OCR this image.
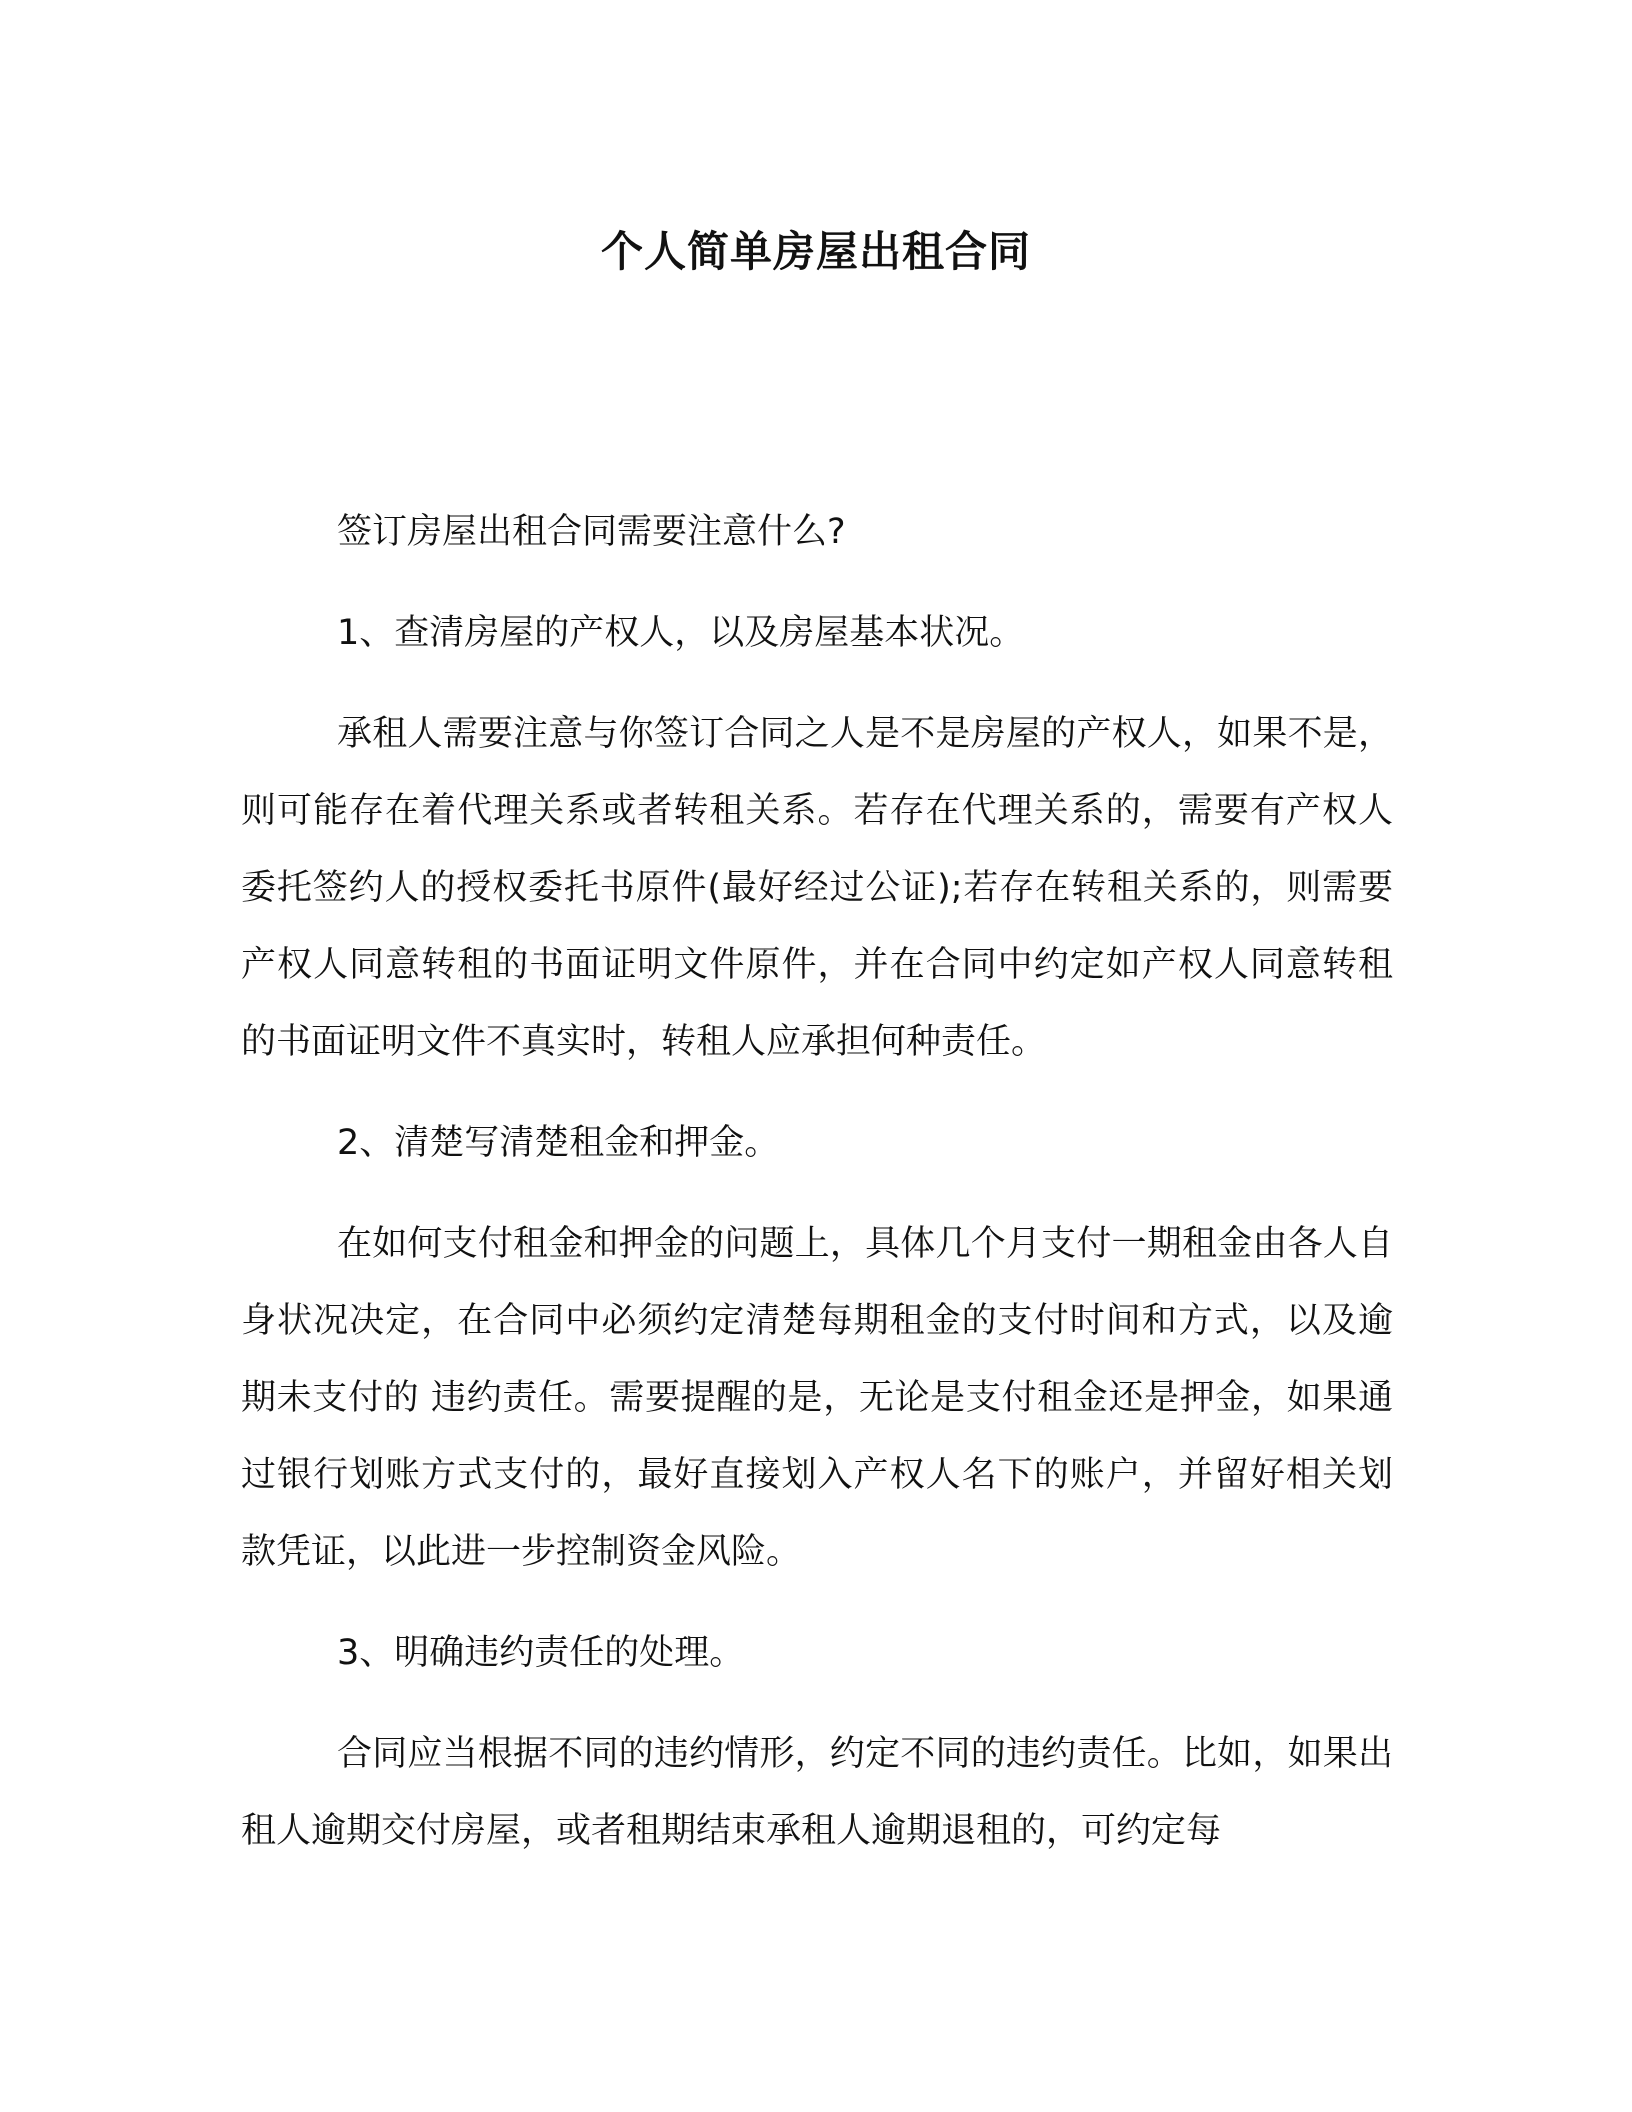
个人简单房屋出租合同

签订房屋出租合同需要注意什么?

1、查清房屋的产权人，以及房屋基本状况。

承租人需要注意与你签订合同之人是不是房屋的产权人，如果不是，则可能存在着代理关系或者转租关系。若存在代理关系的，需要有产权人委托签约人的授权委托书原件(最好经过公证);若存在转租关系的，则需要产权人同意转租的书面证明文件原件，并在合同中约定如产权人同意转租的书面证明文件不真实时，转租人应承担何种责任。

2、清楚写清楚租金和押金。

在如何支付租金和押金的问题上，具体几个月支付一期租金由各人自身状况决定，在合同中必须约定清楚每期租金的支付时间和方式，以及逾期未支付的 违约责任。需要提醒的是，无论是支付租金还是押金，如果通过银行划账方式支付的，最好直接划入产权人名下的账户，并留好相关划款凭证，以此进一步控制资金风险。

3、明确违约责任的处理。

合同应当根据不同的违约情形，约定不同的违约责任。比如，如果出租人逾期交付房屋，或者租期结束承租人逾期退租的，可约定每
